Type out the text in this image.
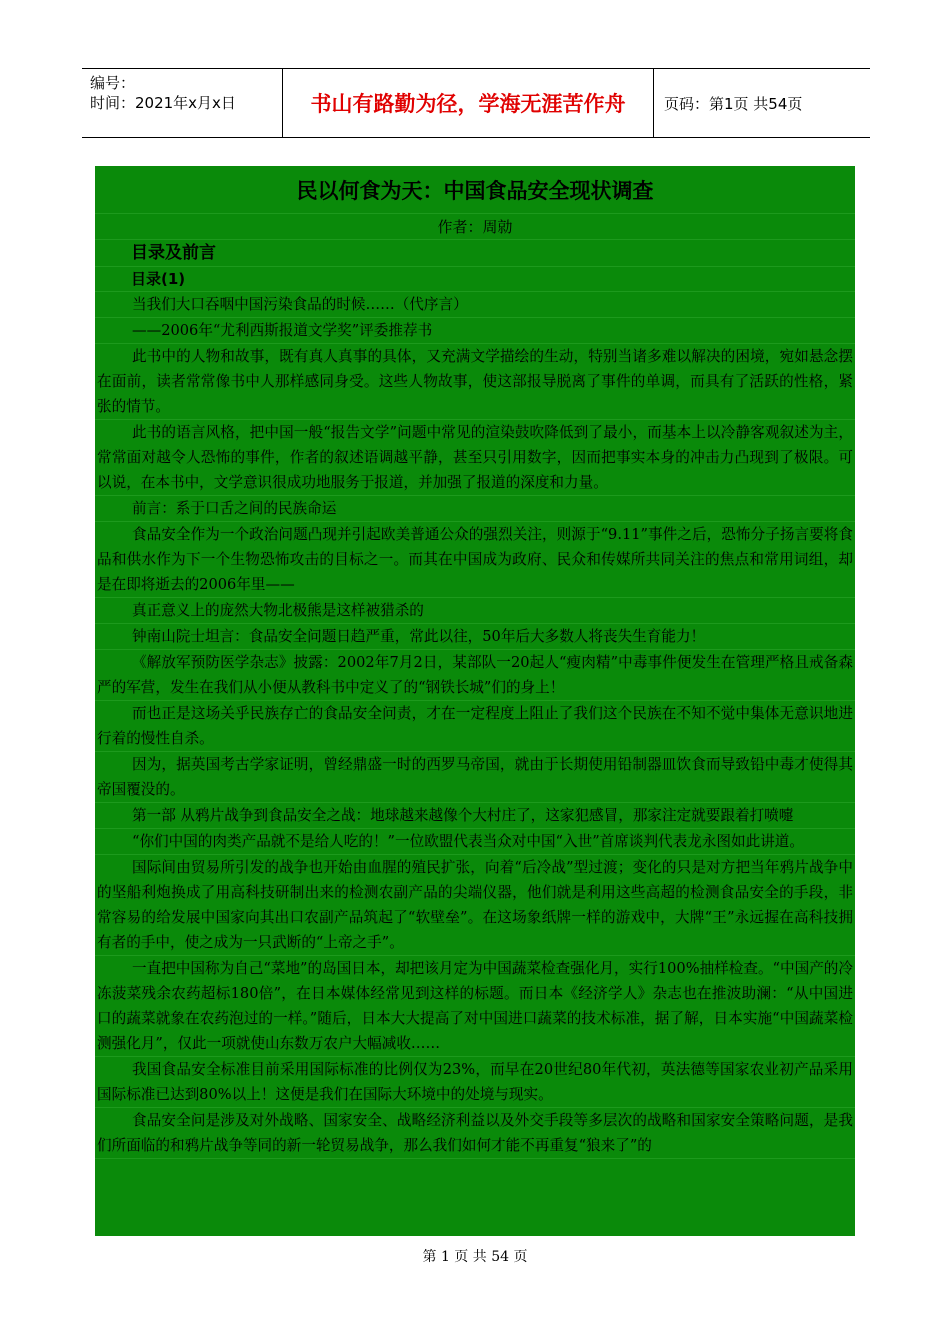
编号：
时间：2021年x月x日	书山有路勤为径，学海无涯苦作舟	页码：第1页 共54页
民以何食为天：中国食品安全现状调查
作者：周勍
目录及前言
目录(1)
当我们大口吞咽中国污染食品的时候……（代序言）
——2006年“尤利西斯报道文学奖”评委推荐书
此书中的人物和故事，既有真人真事的具体，又充满文学描绘的生动，特别当诸多难以解决的困境，宛如悬念摆在面前，读者常常像书中人那样感同身受。这些人物故事，使这部报导脱离了事件的单调，而具有了活跃的性格，紧张的情节。
此书的语言风格，把中国一般“报告文学”问题中常见的渲染鼓吹降低到了最小，而基本上以冷静客观叙述为主，常常面对越令人恐怖的事件，作者的叙述语调越平静，甚至只引用数字，因而把事实本身的冲击力凸现到了极限。可以说，在本书中，文学意识很成功地服务于报道，并加强了报道的深度和力量。
前言：系于口舌之间的民族命运
食品安全作为一个政治问题凸现并引起欧美普通公众的强烈关注，则源于“9.11”事件之后，恐怖分子扬言要将食品和供水作为下一个生物恐怖攻击的目标之一。而其在中国成为政府、民众和传媒所共同关注的焦点和常用词组，却是在即将逝去的2006年里——
真正意义上的庞然大物北极熊是这样被猎杀的
钟南山院士坦言：食品安全问题日趋严重，常此以往，50年后大多数人将丧失生育能力！
《解放军预防医学杂志》披露：2002年7月2日，某部队一20起人“瘦肉精”中毒事件便发生在管理严格且戒备森严的军营，发生在我们从小便从教科书中定义了的“钢铁长城”们的身上！
而也正是这场关乎民族存亡的食品安全问责，才在一定程度上阻止了我们这个民族在不知不觉中集体无意识地进行着的慢性自杀。
因为，据英国考古学家证明，曾经鼎盛一时的西罗马帝国，就由于长期使用铅制器皿饮食而导致铅中毒才使得其帝国覆没的。
第一部 从鸦片战争到食品安全之战：地球越来越像个大村庄了，这家犯感冒，那家注定就要跟着打喷嚏
“你们中国的肉类产品就不是给人吃的！”一位欧盟代表当众对中国“入世”首席谈判代表龙永图如此讲道。
国际间由贸易所引发的战争也开始由血腥的殖民扩张，向着“后冷战”型过渡；变化的只是对方把当年鸦片战争中的坚船利炮换成了用高科技研制出来的检测农副产品的尖端仪器，他们就是利用这些高超的检测食品安全的手段，非常容易的给发展中国家向其出口农副产品筑起了“软壁垒”。在这场象纸牌一样的游戏中，大牌“王”永远握在高科技拥有者的手中，使之成为一只武断的“上帝之手”。
一直把中国称为自己“菜地”的岛国日本，却把该月定为中国蔬菜检查强化月，实行100%抽样检查。“中国产的冷冻菠菜残余农药超标180倍”，在日本媒体经常见到这样的标题。而日本《经济学人》杂志也在推波助澜：“从中国进口的蔬菜就象在农药泡过的一样。”随后，日本大大提高了对中国进口蔬菜的技术标准，据了解，日本实施“中国蔬菜检测强化月”，仅此一项就使山东数万农户大幅减收……
我国食品安全标准目前采用国际标准的比例仅为23%，而早在20世纪80年代初，英法德等国家农业初产品采用国际标准已达到80%以上！这便是我们在国际大环境中的处境与现实。
食品安全问是涉及对外战略、国家安全、战略经济利益以及外交手段等多层次的战略和国家安全策略问题，是我们所面临的和鸦片战争等同的新一轮贸易战争，那么我们如何才能不再重复“狼来了”的
第 1 页 共 54 页
